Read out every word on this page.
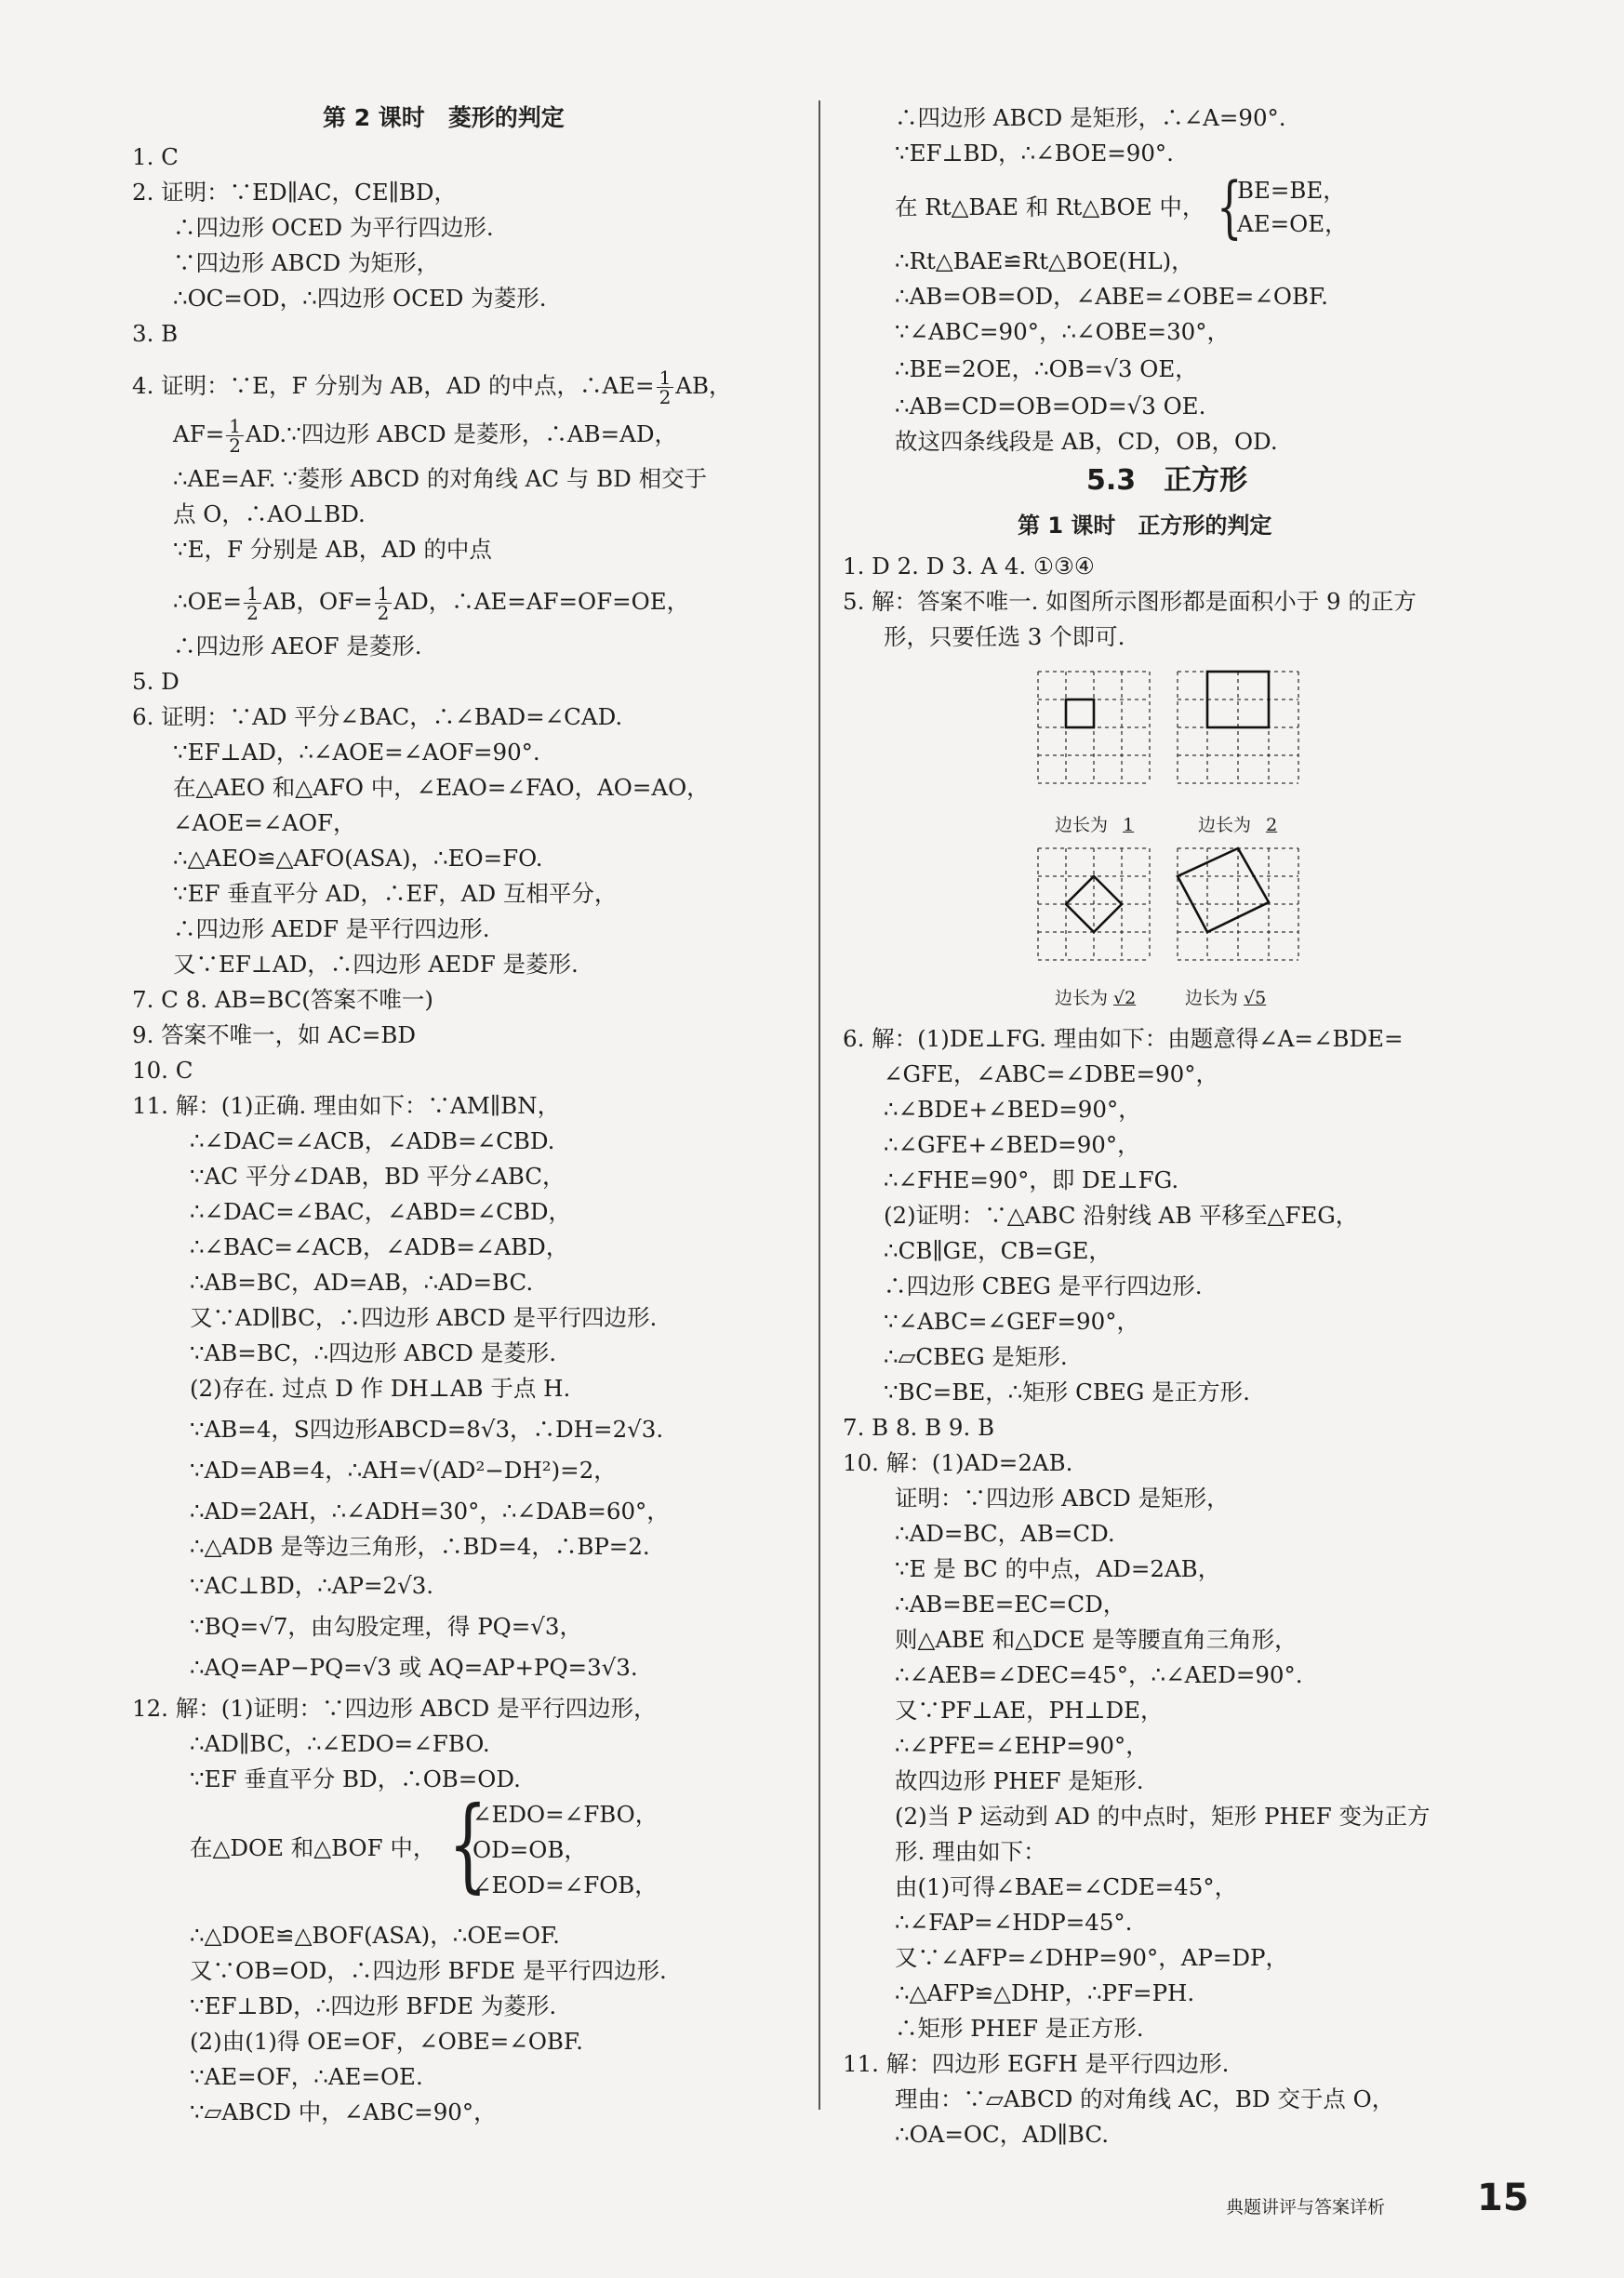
第 2 课时　菱形的判定
1. C
2. 证明：∵ED∥AC，CE∥BD，
∴四边形 OCED 为平行四边形.
∵四边形 ABCD 为矩形，
∴OC=OD，∴四边形 OCED 为菱形.
3. B
4. 证明：∵E，F 分别为 AB，AD 的中点，∴AE= $\frac{1}{2}$ AB，
$AF= \frac{1}{2}$ AD.∵四边形 ABCD 是菱形，∴AB=AD，
∴AE=AF. ∵菱形 ABCD 的对角线 AC 与 BD 相交于
点 O，∴AO⊥BD.
∵E，F 分别是 AB，AD 的中点
∴OE= $\frac{1}{2}$ AB，$OF= \frac{1}{2}$ AD，∴AE=AF=OF=OE，
∴四边形 AEOF 是菱形.
5. D
6. 证明：∵AD 平分∠BAC，∴∠BAD=∠CAD.
∵EF⊥AD，∴∠AOE=∠AOF=90°.
在△AEO 和△AFO 中，∠EAO=∠FAO，AO=AO，
∠AOE=∠AOF，
∴△AEO≌△AFO(ASA)，∴EO=FO.
∵EF 垂直平分 AD，∴EF，AD 互相平分，
∴四边形 AEDF 是平行四边形.
又∵EF⊥AD，∴四边形 AEDF 是菱形.
7. C 8. AB=BC(答案不唯一)
9. 答案不唯一，如 AC=BD
10. C
11. 解：(1)正确. 理由如下：∵AM∥BN，
∴∠DAC=∠ACB，∠ADB=∠CBD.
∵AC 平分∠DAB，BD 平分∠ABC，
∴∠DAC=∠BAC，∠ABD=∠CBD，
∴∠BAC=∠ACB，∠ADB=∠ABD，
∴AB=BC，AD=AB，∴AD=BC.
又∵AD∥BC，∴四边形 ABCD 是平行四边形.
∵AB=BC，∴四边形 ABCD 是菱形.
(2)存在. 过点 D 作 DH⊥AB 于点 H.
∵AB=4，S四边形ABCD=8√3，∴DH=2√3.
∵AD=AB=4，∴AH=√(AD²−DH²)=2，
∴AD=2AH，∴∠ADH=30°，∴∠DAB=60°，
∴△ADB 是等边三角形，∴BD=4，∴BP=2.
∵AC⊥BD，∴AP=2√3.
∵BQ=√7，由勾股定理，得 PQ=√3，
∴AQ=AP−PQ=√3 或 AQ=AP+PQ=3√3.
12. 解：(1)证明：∵四边形 ABCD 是平行四边形，
∴AD∥BC，∴∠EDO=∠FBO.
∵EF 垂直平分 BD，∴OB=OD.
在△DOE 和△BOF 中， {
∠EDO=∠FBO，
OD=OB，
∠EOD=∠FOB，
∴△DOE≌△BOF(ASA)，∴OE=OF.
又∵OB=OD，∴四边形 BFDE 是平行四边形.
∵EF⊥BD，∴四边形 BFDE 为菱形.
(2)由(1)得 OE=OF，∠OBE=∠OBF.
∵AE=OF，∴AE=OE.
∵▱ABCD 中，∠ABC=90°，
∴四边形 ABCD 是矩形，∴∠A=90°.
∵EF⊥BD，∴∠BOE=90°.
在 Rt△BAE 和 Rt△BOE 中， {
BE=BE，
AE=OE，
∴Rt△BAE≌Rt△BOE(HL)，
∴AB=OB=OD，∠ABE=∠OBE=∠OBF.
∵∠ABC=90°，∴∠OBE=30°，
∴BE=2OE，∴OB=√3 OE，
∴AB=CD=OB=OD=√3 OE.
故这四条线段是 AB，CD，OB，OD.
5.3　正方形
第 1 课时　正方形的判定
1. D 2. D 3. A 4. ①③④
5. 解：答案不唯一. 如图所示图形都是面积小于 9 的正方
形，只要任选 3 个即可.
边长为 1	边长为 2
边长为 √2	边长为 √5
6. 解：(1)DE⊥FG. 理由如下：由题意得∠A=∠BDE=
∠GFE，∠ABC=∠DBE=90°，
∴∠BDE+∠BED=90°，
∴∠GFE+∠BED=90°，
∴∠FHE=90°，即 DE⊥FG.
(2)证明：∵△ABC 沿射线 AB 平移至△FEG，
∴CB∥GE，CB=GE，
∴四边形 CBEG 是平行四边形.
∵∠ABC=∠GEF=90°，
∴▱CBEG 是矩形.
∵BC=BE，∴矩形 CBEG 是正方形.
7. B 8. B 9. B
10. 解：(1)AD=2AB.
证明：∵四边形 ABCD 是矩形，
∴AD=BC，AB=CD.
∵E 是 BC 的中点，AD=2AB，
∴AB=BE=EC=CD，
则△ABE 和△DCE 是等腰直角三角形，
∴∠AEB=∠DEC=45°，∴∠AED=90°.
又∵PF⊥AE，PH⊥DE，
∴∠PFE=∠EHP=90°，
故四边形 PHEF 是矩形.
(2)当 P 运动到 AD 的中点时，矩形 PHEF 变为正方
形. 理由如下：
由(1)可得∠BAE=∠CDE=45°，
∴∠FAP=∠HDP=45°.
又∵∠AFP=∠DHP=90°，AP=DP，
∴△AFP≌△DHP，∴PF=PH.
∴矩形 PHEF 是正方形.
11. 解：四边形 EGFH 是平行四边形.
理由：∵▱ABCD 的对角线 AC，BD 交于点 O，
∴OA=OC，AD∥BC.
典题讲评与答案详析 15
